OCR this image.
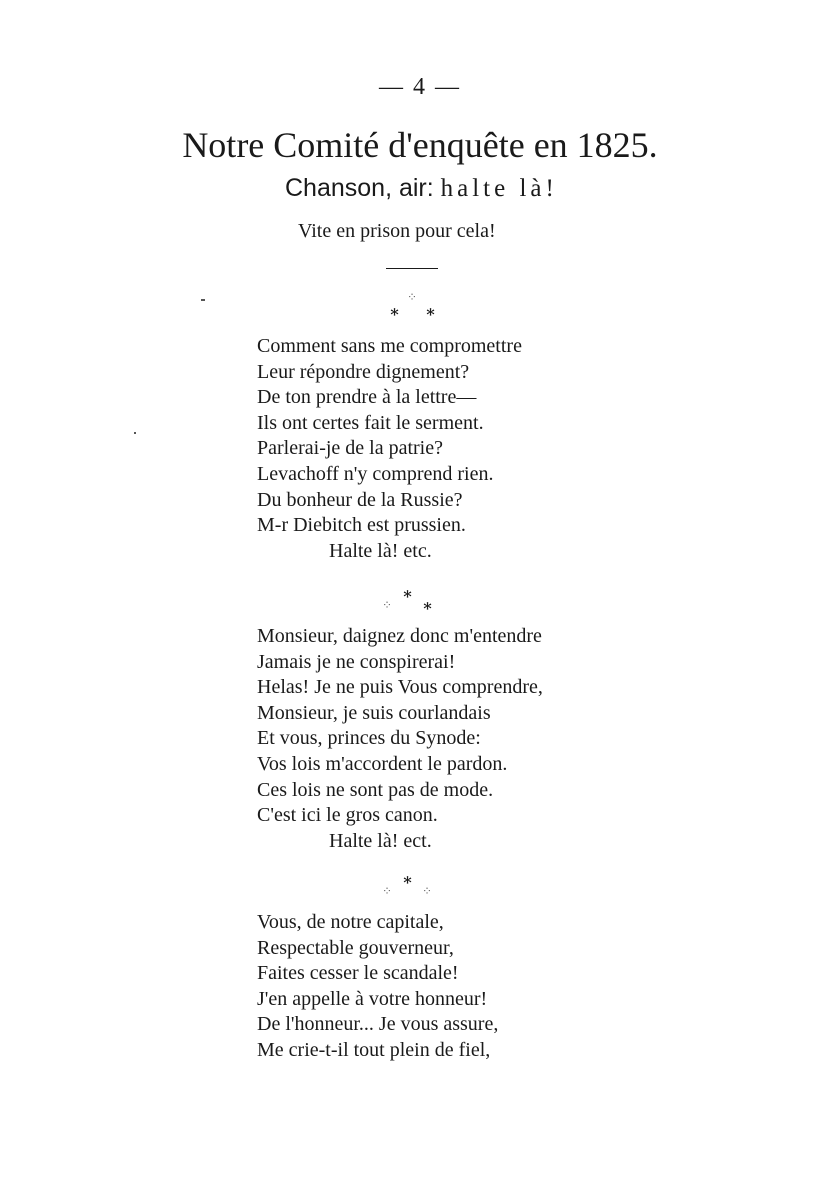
— 4 —
Notre Comité d'enquête en 1825.
Chanson, air: halte là!
Vite en prison pour cela!
⁘
∗ ∗
Comment sans me compromettre
Leur répondre dignement?
De ton prendre à la lettre—
Ils ont certes fait le serment.
Parlerai-je de la patrie?
Levachoff n'y comprend rien.
Du bonheur de la Russie?
M-r Diebitch est prussien.
Halte là! etc.
∗
⁘ ∗
Monsieur, daignez donc m'entendre
Jamais je ne conspirerai!
Helas! Je ne puis Vous comprendre,
Monsieur, je suis courlandais
Et vous, princes du Synode:
Vos lois m'accordent le pardon.
Ces lois ne sont pas de mode.
C'est ici le gros canon.
Halte là! ect.
∗
⁘ ⁘
Vous, de notre capitale,
Respectable gouverneur,
Faites cesser le scandale!
J'en appelle à votre honneur!
De l'honneur... Je vous assure,
Me crie-t-il tout plein de fiel,
